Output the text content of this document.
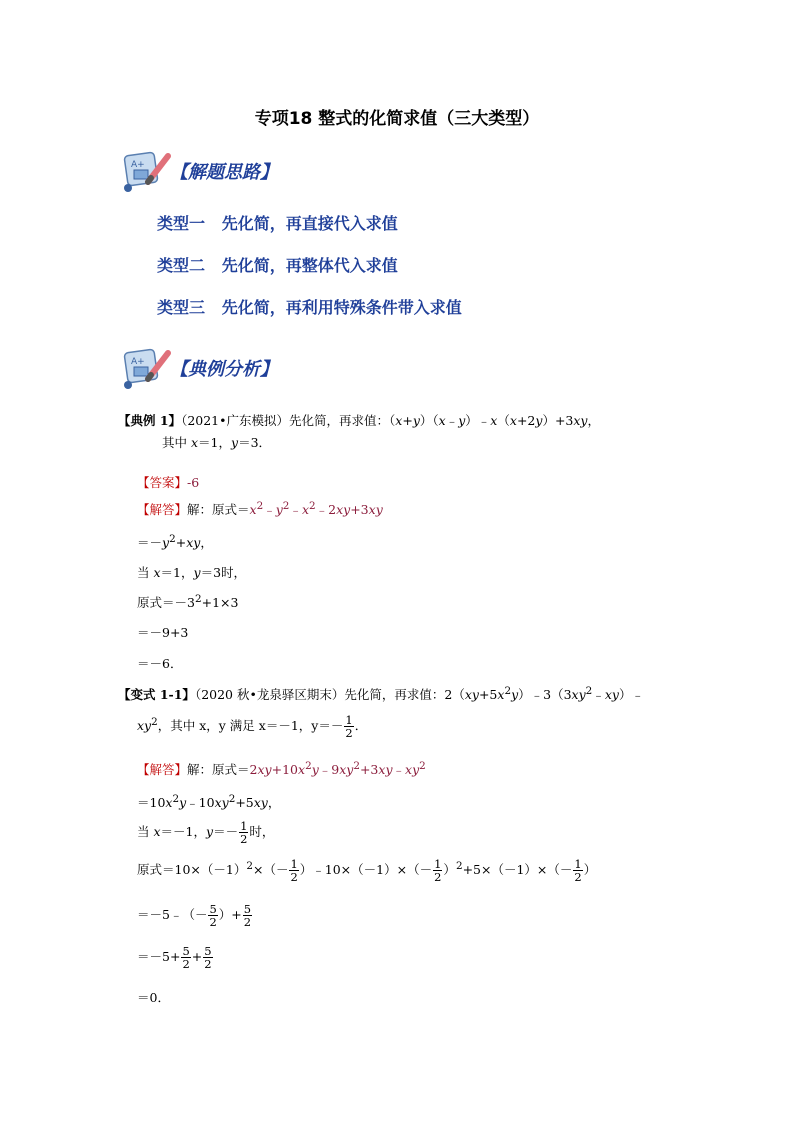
专项18 整式的化简求值（三大类型）
A+ 【解题思路】
类型一   先化简，再直接代入求值
类型二   先化简，再整体代入求值
类型三   先化简，再利用特殊条件带入求值
A+ 【典例分析】
【典例 1】（2021•广东模拟）先化简，再求值：（x+y）（x﹣y）﹣x（x+2y）+3xy，
其中 x＝1，y＝3．
【答案】-6
【解答】解：原式$=x^2﹣y^2﹣x^2﹣2xy+3xy$
$=-y^2+xy$，
当 x＝1，y＝3时，
原式$=-3^2+1\times 3$
＝－9+3
＝－6．
【变式 1-1】（2020 秋•龙泉驿区期末）先化简，再求值：$2(xy+5x^2y)﹣3(3xy^2﹣xy)﹣$
$xy^2$，其中 x，y 满足 x＝－1，$y=- \frac{1}{2}$ ．
【解答】解：原式$=2xy+10x^2y﹣9xy^2+3xy﹣xy^2$
$=10x^2y﹣10xy^2+5xy$，
当 x＝－1，$y=- \frac{1}{2}$ 时，
原式$=10\times(-1)^2\times(- \frac{1}{2}$ ）﹣10×（－1）×（－ $\frac{1}{2} )^2+5\times(-1)\times(- \frac{1}{2}$ ）
＝－5﹣（－ $\frac{5}{2}$ ）+ $\frac{5}{2}$
$=-5+ \frac{5}{2} + \frac{5}{2}$
＝0．
